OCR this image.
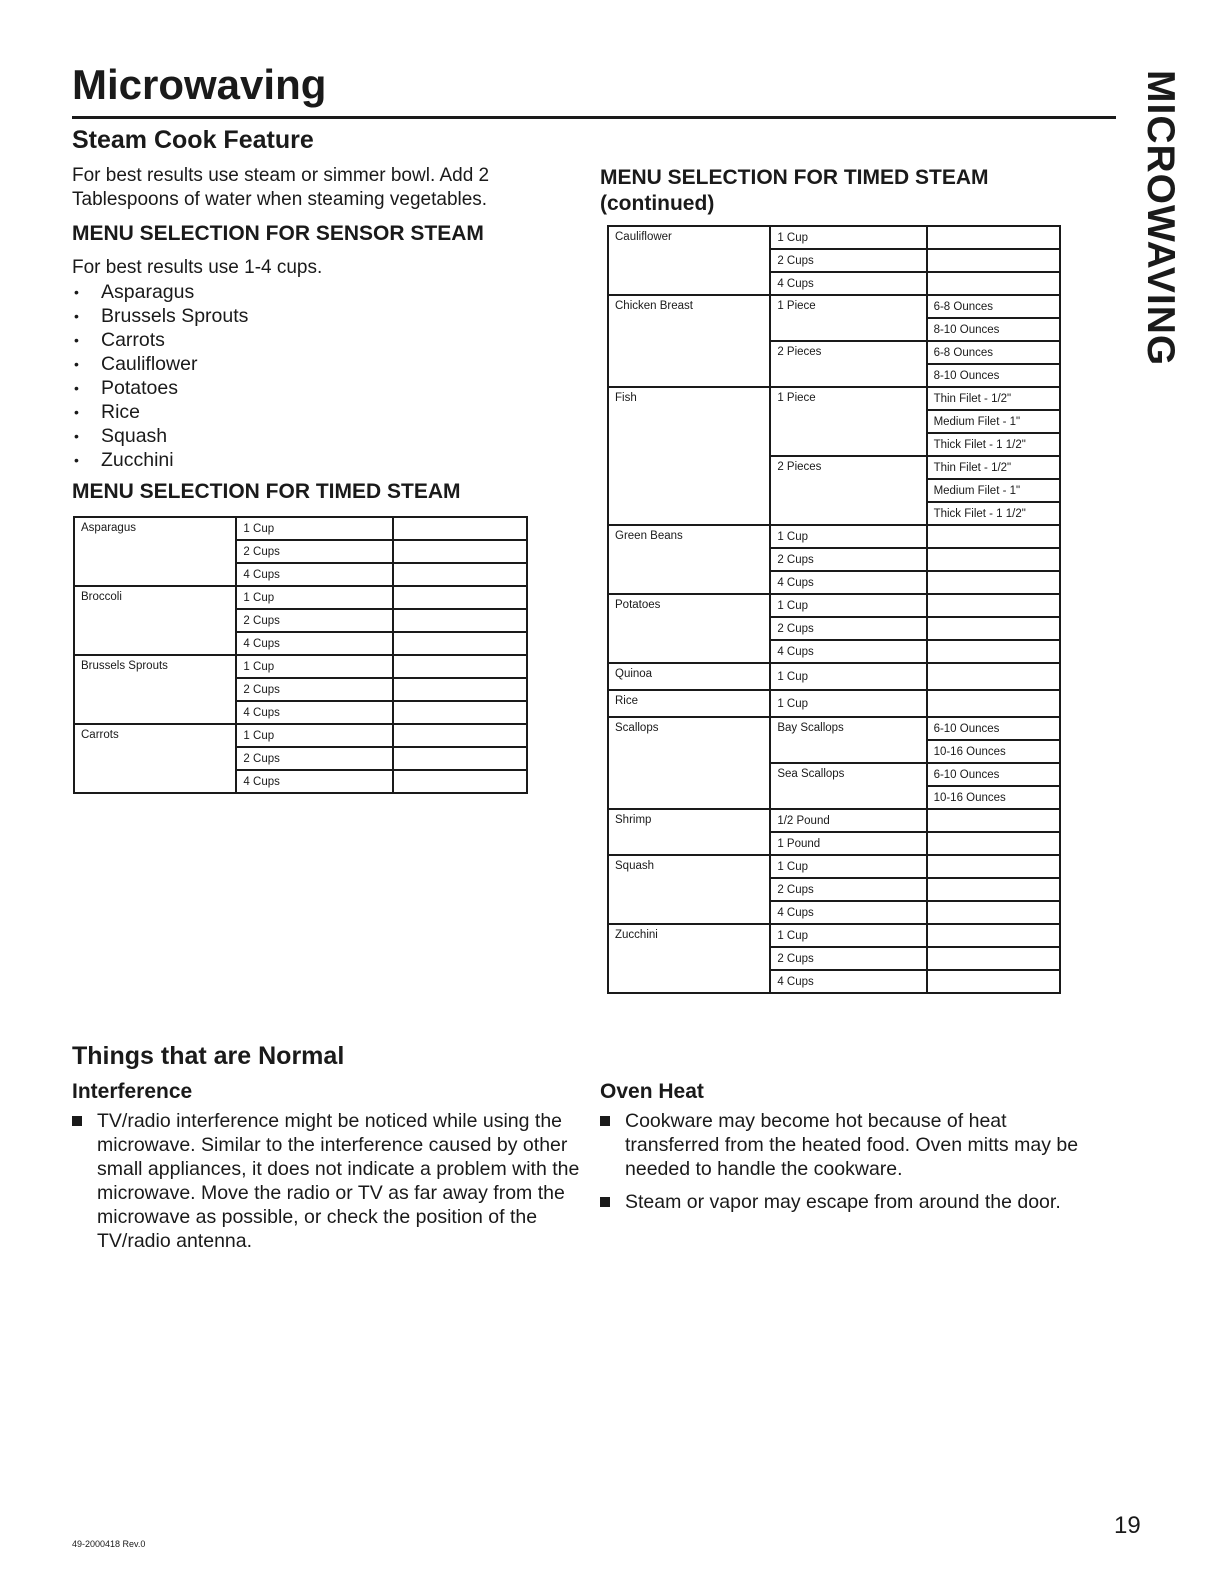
Microwaving	MICROWAVING
Steam Cook Feature

For best results use steam or simmer bowl. Add 2 Tablespoons of water when steaming vegetables.

MENU SELECTION FOR SENSOR STEAM

For best results use 1-4 cups.

• Asparagus
• Brussels Sprouts
• Carrots
• Cauliflower
• Potatoes
• Rice
• Squash
• Zucchini
MENU SELECTION FOR TIMED STEAM
Asparagus	1 Cup	
	2 Cups	
	4 Cups	
Broccoli	1 Cup	
	2 Cups	
	4 Cups	
Brussels Sprouts	1 Cup	
	2 Cups	
	4 Cups	
Carrots	1 Cup	
	2 Cups	
	4 Cups	
MENU SELECTION FOR TIMED STEAM
(continued)
Cauliflower	1 Cup	
	2 Cups	
	4 Cups	
Chicken Breast	1 Piece	6-8 Ounces
		8-10 Ounces
	2 Pieces	6-8 Ounces
		8-10 Ounces
Fish	1 Piece	Thin Filet - 1/2"
		Medium Filet - 1"
		Thick Filet - 1 1/2"
	2 Pieces	Thin Filet - 1/2"
		Medium Filet - 1"
		Thick Filet - 1 1/2"
Green Beans	1 Cup	
	2 Cups	
	4 Cups	
Potatoes	1 Cup	
	2 Cups	
	4 Cups	
Quinoa	1 Cup	
Rice	1 Cup	
Scallops	Bay Scallops	6-10 Ounces
		10-16 Ounces
	Sea Scallops	6-10 Ounces
		10-16 Ounces
Shrimp	1/2 Pound	
	1 Pound	
Squash	1 Cup	
	2 Cups	
	4 Cups	
Zucchini	1 Cup	
	2 Cups	
	4 Cups	
Things that are Normal
Interference
TV/radio interference might be noticed while using the microwave. Similar to the interference caused by other small appliances, it does not indicate a problem with the microwave. Move the radio or TV as far away from the microwave as possible, or check the position of the TV/radio antenna.
Oven Heat
Cookware may become hot because of heat transferred from the heated food. Oven mitts may be needed to handle the cookware.
Steam or vapor may escape from around the door.
49-2000418 Rev.0
19
